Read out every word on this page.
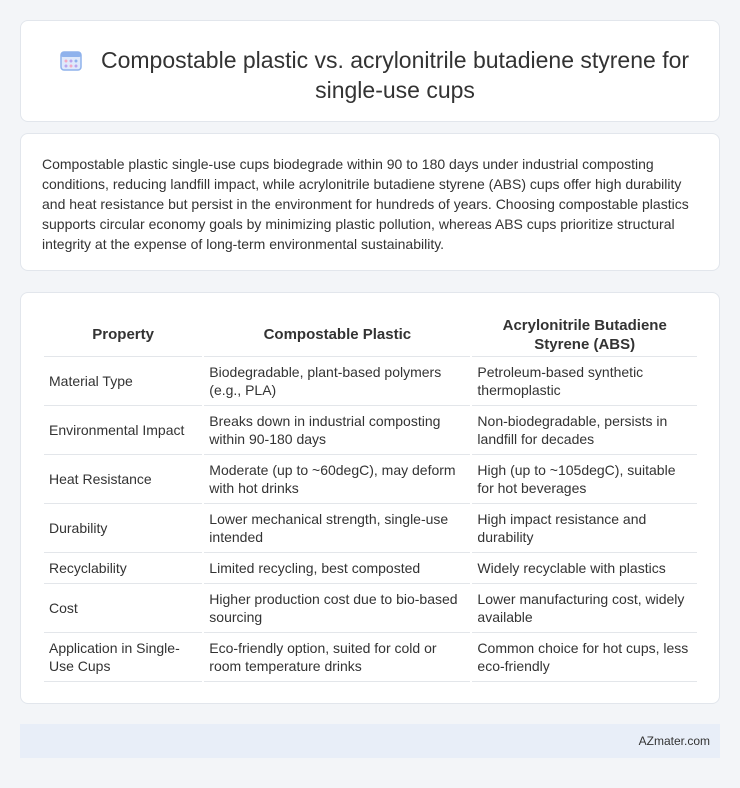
Compostable plastic vs. acrylonitrile butadiene styrene for single-use cups

Compostable plastic single-use cups biodegrade within 90 to 180 days under industrial composting conditions, reducing landfill impact, while acrylonitrile butadiene styrene (ABS) cups offer high durability and heat resistance but persist in the environment for hundreds of years. Choosing compostable plastics supports circular economy goals by minimizing plastic pollution, whereas ABS cups prioritize structural integrity at the expense of long-term environmental sustainability.

Property	Compostable Plastic	Acrylonitrile Butadiene Styrene (ABS)
Material Type	Biodegradable, plant-based polymers (e.g., PLA)	Petroleum-based synthetic thermoplastic
Environmental Impact	Breaks down in industrial composting within 90-180 days	Non-biodegradable, persists in landfill for decades
Heat Resistance	Moderate (up to ~60degC), may deform with hot drinks	High (up to ~105degC), suitable for hot beverages
Durability	Lower mechanical strength, single-use intended	High impact resistance and durability
Recyclability	Limited recycling, best composted	Widely recyclable with plastics
Cost	Higher production cost due to bio-based sourcing	Lower manufacturing cost, widely available
Application in Single-Use Cups	Eco-friendly option, suited for cold or room temperature drinks	Common choice for hot cups, less eco-friendly
AZmater.com
